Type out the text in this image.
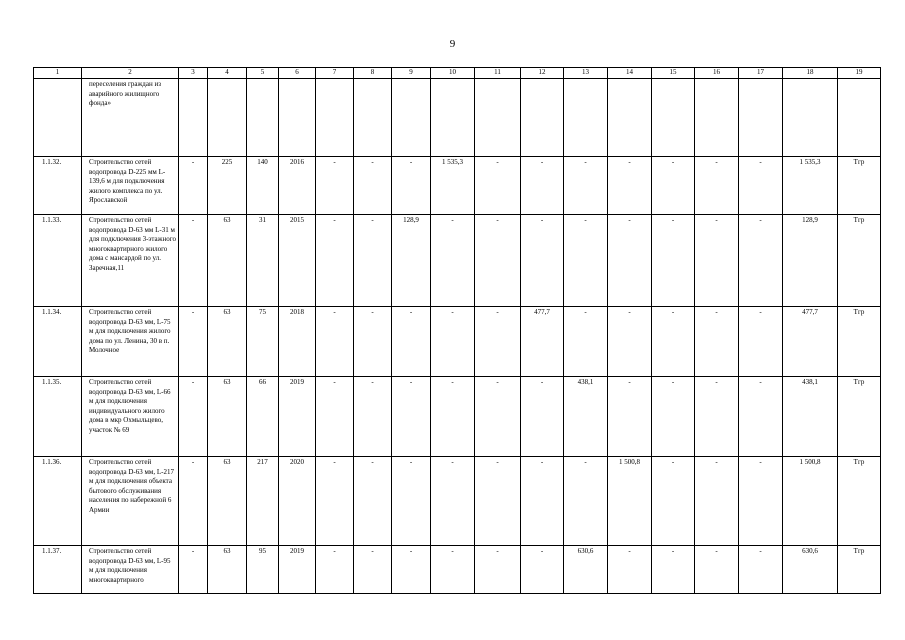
9
1	2	3	4	5	6	7	8	9	10	11	12	13	14	15	16	17	18	19
	переселения граждан из аварийного жилищного фонда»																	
1.1.32.	Строительство сетей водопровода D-225 мм L-139,6 м для подключения жилого комплекса по ул. Ярославской	-	225	140	2016	-	-	-	1 535,3	-	-	-	-	-	-	-	1 535,3	Тгр
1.1.33.	Строительство сетей водопровода D-63 мм L-31 м для подключения 3-этажного многоквартирного жилого дома с мансардой по ул. Заречная,11	-	63	31	2015	-	-	128,9	-	-	-	-	-	-	-	-	128,9	Тгр
1.1.34.	Строительство сетей водопровода D-63 мм, L-75 м для подключения жилого дома по ул. Ленина, 30 в п. Молочное	-	63	75	2018	-	-	-	-	-	477,7	-	-	-	-	-	477,7	Тгр
1.1.35.	Строительство сетей водопровода D-63 мм, L-66 м для подключения индивидуального жилого дома в мкр Охмыльцево, участок № 69	-	63	66	2019	-	-	-	-	-	-	438,1	-	-	-	-	438,1	Тгр
1.1.36.	Строительство сетей водопровода D-63 мм, L-217 м для подключения объекта бытового обслуживания населения по набережной 6 Армии	-	63	217	2020	-	-	-	-	-	-	-	1 500,8	-	-	-	1 500,8	Тгр
1.1.37.	Строительство сетей водопровода D-63 мм, L-95 м для подключения многоквартирного	-	63	95	2019	-	-	-	-	-	-	630,6	-	-	-	-	630,6	Тгр
